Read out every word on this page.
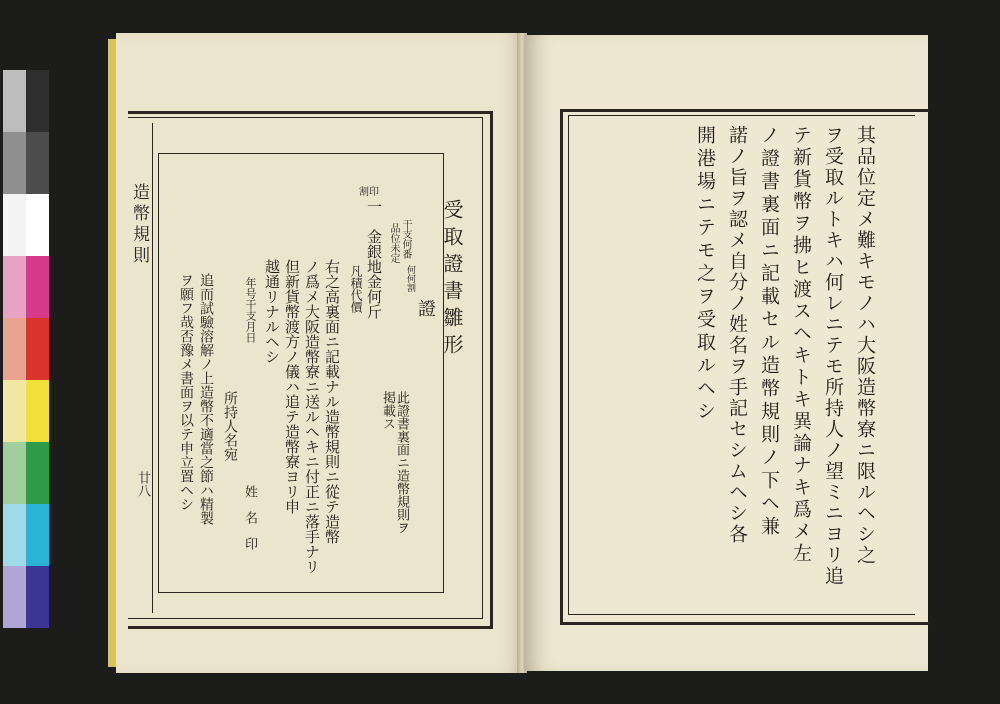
造幣規則
廿八
受取證書雛形
證
此證書裏面ニ造幣規則ヲ
掲載ス
割印
干支何番
品位未定
何何割
一　金銀地金何斤
凡積代價
右之高裏面ニ記載ナル造幣規則ニ從テ造幣
ノ爲メ大阪造幣寮ニ送ルヘキニ付正ニ落手ナリ
但新貨幣渡方ノ儀ハ追テ造幣寮ヨリ申
越通リナルヘシ
年号干支月日
所持人名宛
姓　名　印
追而試驗溶解ノ上造幣不適當之節ハ精製
ヲ願フ哉否豫メ書面ヲ以テ申立置ヘシ	其品位定メ難キモノハ大阪造幣寮ニ限ルヘシ之
ヲ受取ルトキハ何レニテモ所持人ノ望ミニヨリ追
テ新貨幣ヲ拂ヒ渡スヘキトキ異論ナキ爲メ左
ノ證書裏面ニ記載セル造幣規則ノ下ヘ兼
諾ノ旨ヲ認メ自分ノ姓名ヲ手記セシムヘシ各
開港場ニテモ之ヲ受取ルヘシ
